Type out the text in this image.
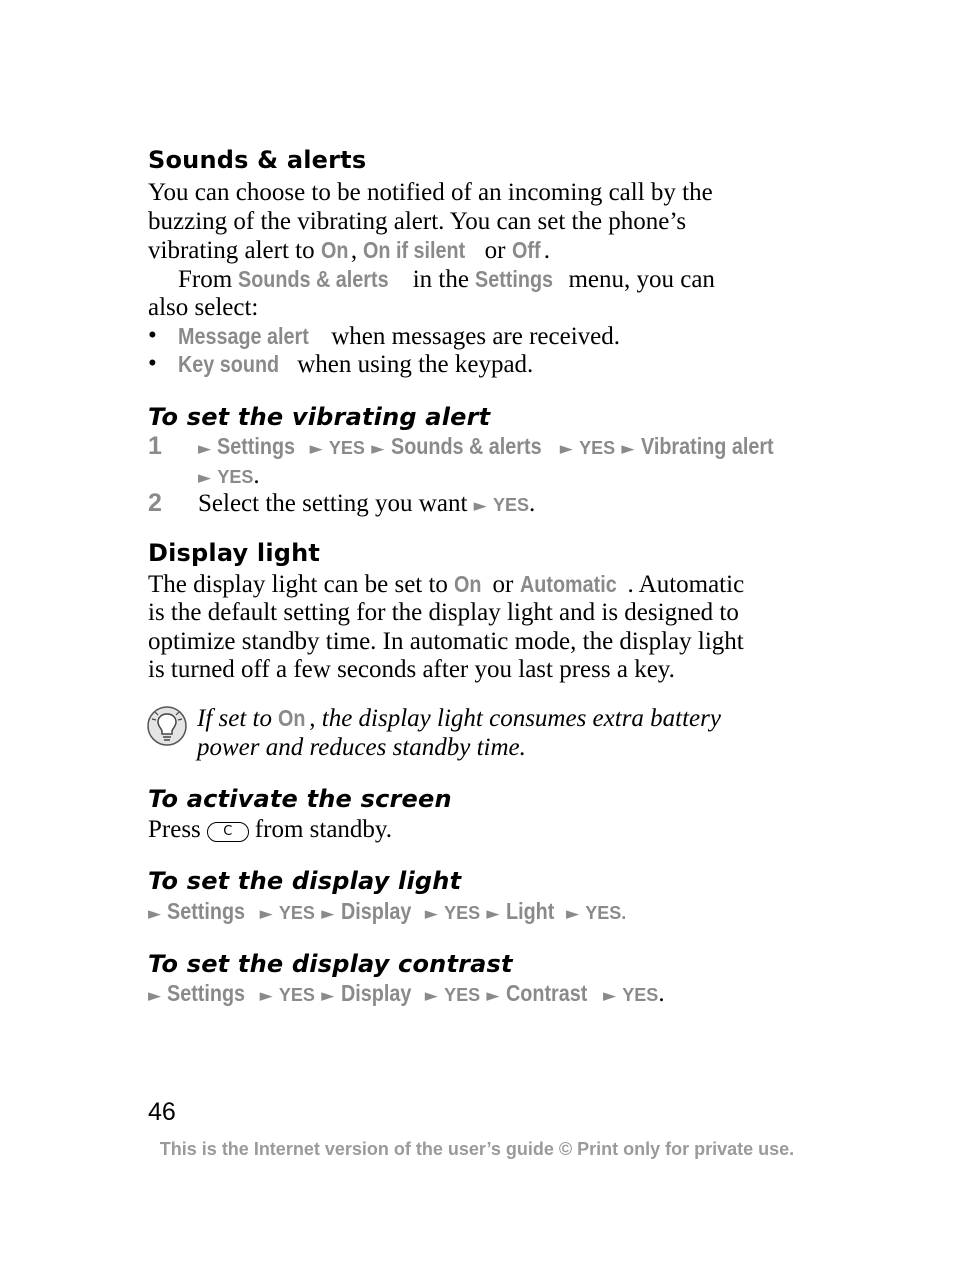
Sounds & alerts
You can choose to be notified of an incoming call by the
buzzing of the vibrating alert. You can set the phone’s
vibrating alert to On , On if silent or Off .
From Sounds & alerts in the Settings menu, you can
also select:
• Message alert when messages are received.
• Key sound when using the keypad.
To set the vibrating alert
1 ► Settings ► YES ► Sounds & alerts ► YES ► Vibrating alert
► YES.
2 Select the setting you want ► YES.
Display light
The display light can be set to On or Automatic . Automatic
is the default setting for the display light and is designed to
optimize standby time. In automatic mode, the display light
is turned off a few seconds after you last press a key.
If set to On , the display light consumes extra battery
power and reduces standby time.
To activate the screen
Press C from standby.
To set the display light
► Settings ► YES ► Display ► YES ► Light ► YES.
To set the display contrast
► Settings ► YES ► Display ► YES ► Contrast ► YES.
46
This is the Internet version of the user’s guide © Print only for private use.
